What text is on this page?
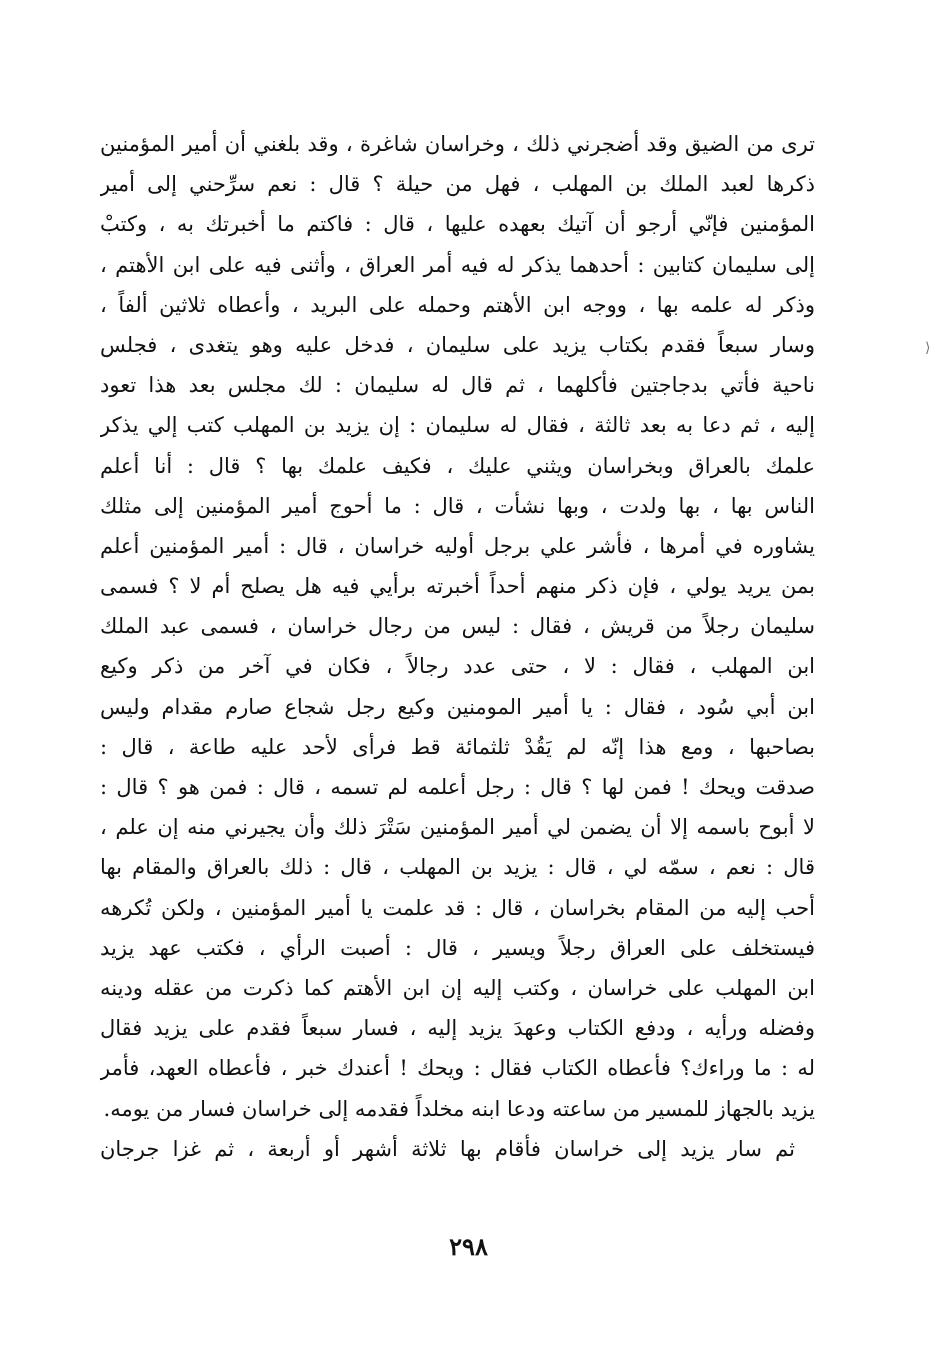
ترى من الضيق وقد أضجرني ذلك ، وخراسان شاغرة ، وقد بلغني أن أمير المؤمنين
ذكرها لعبد الملك بن المهلب ، فهل من حيلة ؟ قال : نعم سرِّحني إلى أمير
المؤمنين فإنّي أرجو أن آتيك بعهده عليها ، قال : فاكتم ما أخبرتك به ، وكتبْ
إلى سليمان كتابين : أحدهما يذكر له فيه أمر العراق ، وأثنى فيه على ابن الأهتم ،
وذكر له علمه بها ، ووجه ابن الأهتم وحمله على البريد ، وأعطاه ثلاثين ألفاً ،
وسار سبعاً فقدم بكتاب يزيد على سليمان ، فدخل عليه وهو يتغدى ، فجلس
ناحية فأتي بدجاجتين فأكلهما ، ثم قال له سليمان : لك مجلس بعد هذا تعود
إليه ، ثم دعا به بعد ثالثة ، فقال له سليمان : إن يزيد بن المهلب كتب إلي يذكر
علمك بالعراق وبخراسان ويثني عليك ، فكيف علمك بها ؟ قال : أنا أعلم
الناس بها ، بها ولدت ، وبها نشأت ، قال : ما أحوج أمير المؤمنين إلى مثلك
يشاوره في أمرها ، فأشر علي برجل أوليه خراسان ، قال : أمير المؤمنين أعلم
بمن يريد يولي ، فإن ذكر منهم أحداً أخبرته برأيي فيه هل يصلح أم لا ؟ فسمى
سليمان رجلاً من قريش ، فقال : ليس من رجال خراسان ، فسمى عبد الملك
ابن المهلب ، فقال : لا ، حتى عدد رجالاً ، فكان في آخر من ذكر وكيع
ابن أبي سُود ، فقال : يا أمير المومنين وكيع رجل شجاع صارم مقدام وليس
بصاحبها ، ومع هذا إنّه لم يَقُدْ ثلثمائة قط فرأى لأحد عليه طاعة ، قال :
صدقت ويحك ! فمن لها ؟ قال : رجل أعلمه لم تسمه ، قال : فمن هو ؟ قال :
لا أبوح باسمه إلا أن يضمن لي أمير المؤمنين سَتْرَ ذلك وأن يجيرني منه إن علم ،
قال : نعم ، سمّه لي ، قال : يزيد بن المهلب ، قال : ذلك بالعراق والمقام بها
أحب إليه من المقام بخراسان ، قال : قد علمت يا أمير المؤمنين ، ولكن تُكرهه
فيستخلف على العراق رجلاً ويسير ، قال : أصبت الرأي ، فكتب عهد يزيد
ابن المهلب على خراسان ، وكتب إليه إن ابن الأهتم كما ذكرت من عقله ودينه
وفضله ورأيه ، ودفع الكتاب وعهدَ يزيد إليه ، فسار سبعاً فقدم على يزيد فقال
له : ما وراءك؟ فأعطاه الكتاب فقال : ويحك ! أعندك خبر ، فأعطاه العهد، فأمر
يزيد بالجهاز للمسير من ساعته ودعا ابنه مخلداً فقدمه إلى خراسان فسار من يومه.
ثم سار يزيد إلى خراسان فأقام بها ثلاثة أشهر أو أربعة ، ثم غزا جرجان
٢٩٨
⟩
